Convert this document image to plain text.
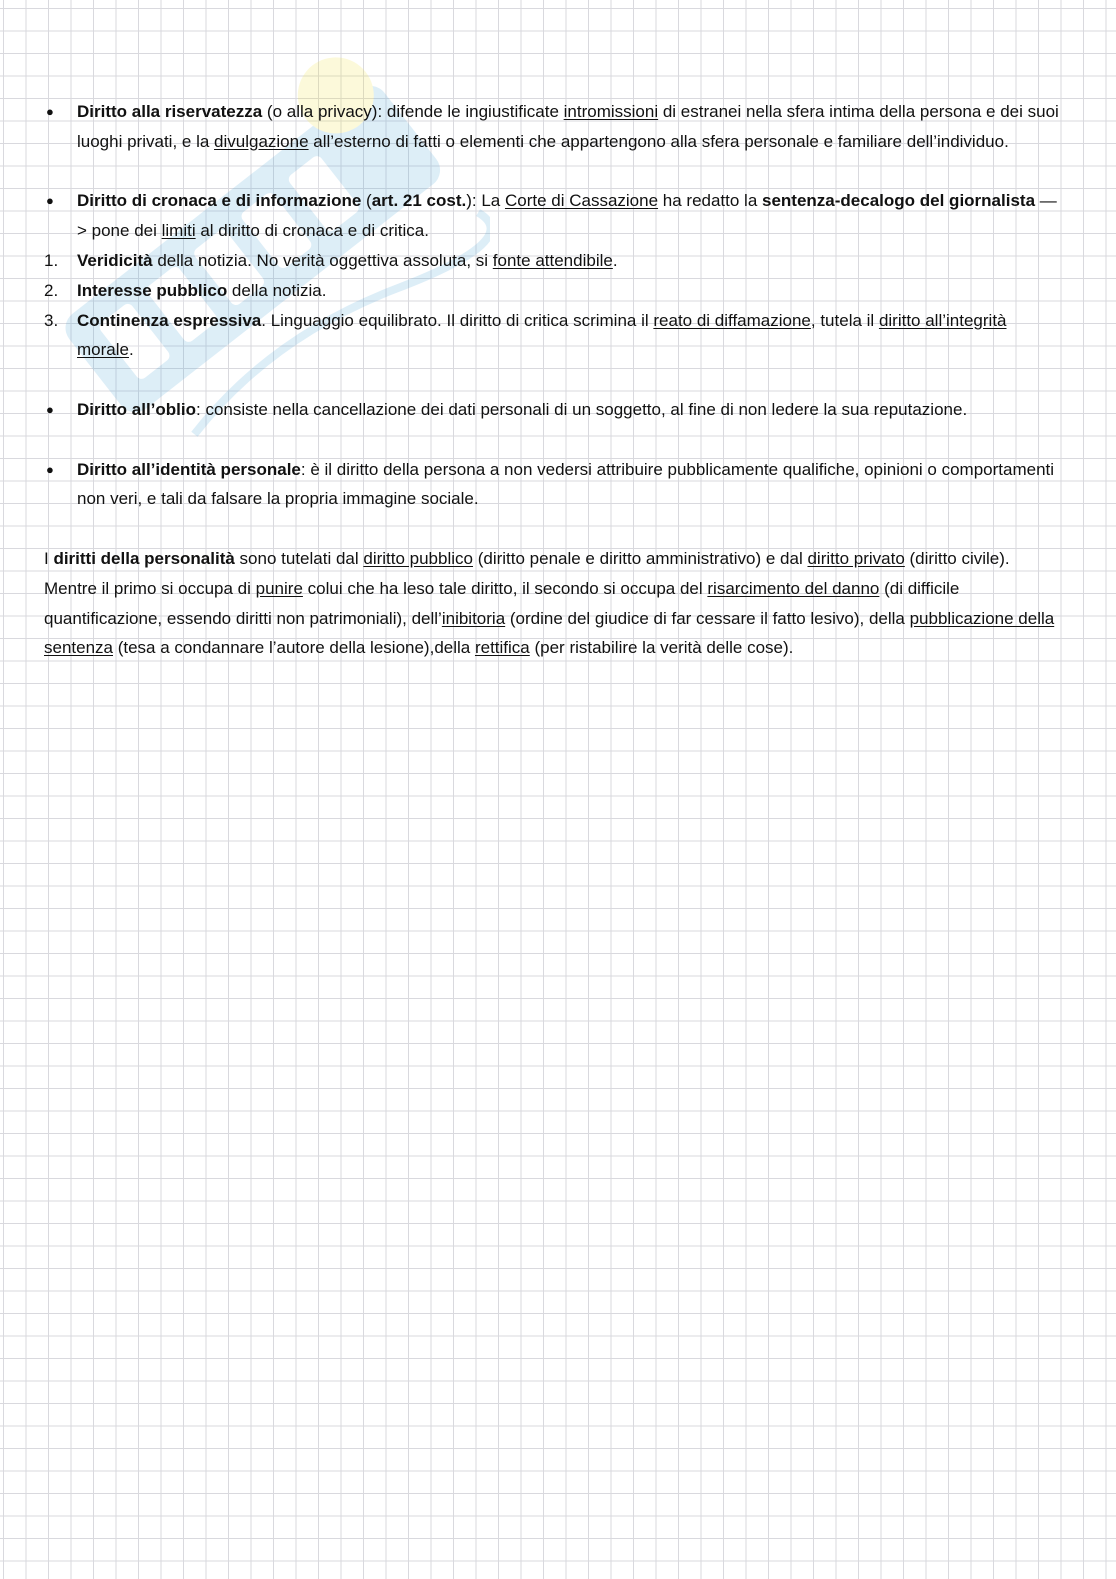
●	Diritto alla riservatezza (o alla privacy): difende le ingiustificate intromissioni di estranei nella sfera intima della persona e dei suoi luoghi privati, e la divulgazione all’esterno di fatti o elementi che appartengono alla sfera personale e familiare dell’individuo.
●	Diritto di cronaca e di informazione (art. 21 cost.): La Corte di Cassazione ha redatto la sentenza-decalogo del giornalista —> pone dei limiti al diritto di cronaca e di critica.
1.	Veridicità della notizia. No verità oggettiva assoluta, si fonte attendibile.
2.	Interesse pubblico della notizia.
3.	Continenza espressiva. Linguaggio equilibrato. Il diritto di critica scrimina il reato di diffamazione, tutela il diritto all’integrità morale.
●	Diritto all’oblio: consiste nella cancellazione dei dati personali di un soggetto, al fine di non ledere la sua reputazione.
●	Diritto all’identità personale: è il diritto della persona a non vedersi attribuire pubblicamente qualifiche, opinioni o comportamenti non veri, e tali da falsare la propria immagine sociale.

I diritti della personalità sono tutelati dal diritto pubblico (diritto penale e diritto amministrativo) e dal diritto privato (diritto civile). Mentre il primo si occupa di punire colui che ha leso tale diritto, il secondo si occupa del risarcimento del danno (di difficile quantificazione, essendo diritti non patrimoniali), dell’inibitoria (ordine del giudice di far cessare il fatto lesivo), della pubblicazione della sentenza (tesa a condannare l’autore della lesione),della rettifica (per ristabilire la verità delle cose).
